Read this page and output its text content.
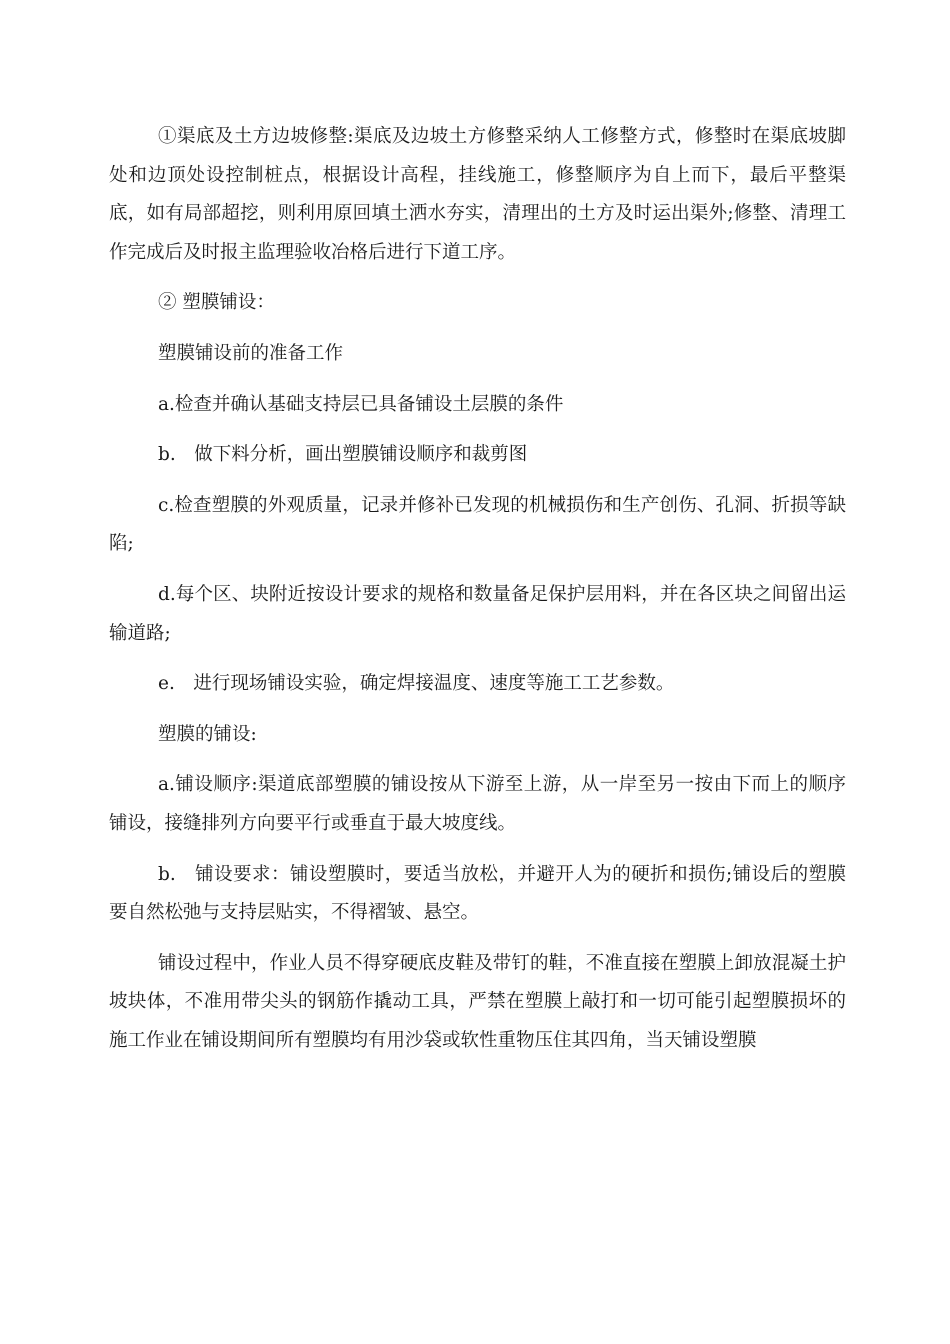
①渠底及土方边坡修整:渠底及边坡土方修整采纳人工修整方式，修整时在渠底坡脚处和边顶处设控制桩点，根据设计高程，挂线施工，修整顺序为自上而下，最后平整渠底，如有局部超挖，则利用原回填土洒水夯实，清理出的土方及时运出渠外;修整、清理工作完成后及时报主监理验收冶格后进行下道工序。

② 塑膜铺设：

塑膜铺设前的准备工作

a.检查并确认基础支持层已具备铺设土层膜的条件

b.　做下料分析，画出塑膜铺设顺序和裁剪图

c.检查塑膜的外观质量，记录并修补已发现的机械损伤和生产创伤、孔洞、折损等缺陷;

d.每个区、块附近按设计要求的规格和数量备足保护层用料，并在各区块之间留出运输道路;

e.　进行现场铺设实验，确定焊接温度、速度等施工工艺参数。

塑膜的铺设:

a.铺设顺序:渠道底部塑膜的铺设按从下游至上游，从一岸至另一按由下而上的顺序铺设，接缝排列方向要平行或垂直于最大坡度线。

b.　铺设要求：铺设塑膜时，要适当放松，并避开人为的硬折和损伤;铺设后的塑膜要自然松弛与支持层贴实，不得褶皱、悬空。

铺设过程中，作业人员不得穿硬底皮鞋及带钉的鞋，不准直接在塑膜上卸放混凝土护坡块体，不准用带尖头的钢筋作撬动工具，严禁在塑膜上敲打和一切可能引起塑膜损坏的施工作业在铺设期间所有塑膜均有用沙袋或软性重物压住其四角，当天铺设塑膜
